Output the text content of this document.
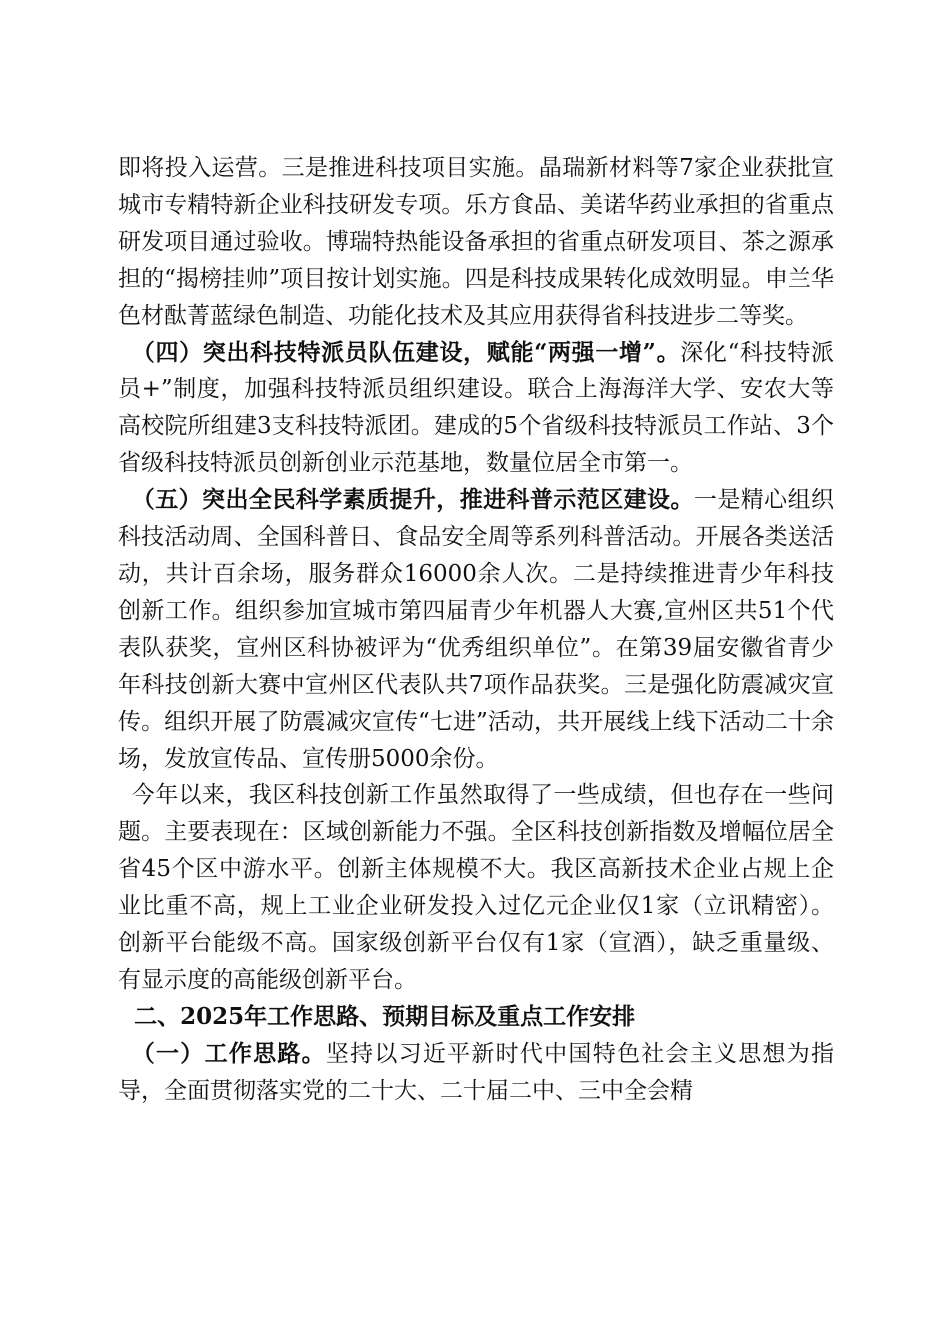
即将投入运营。三是推进科技项目实施。晶瑞新材料等7家企业获批宣城市专精特新企业科技研发专项。乐方食品、美诺华药业承担的省重点研发项目通过验收。博瑞特热能设备承担的省重点研发项目、茶之源承担的“揭榜挂帅”项目按计划实施。四是科技成果转化成效明显。申兰华色材酞菁蓝绿色制造、功能化技术及其应用获得省科技进步二等奖。

（四）突出科技特派员队伍建设，赋能“两强一增”。深化“科技特派员+”制度，加强科技特派员组织建设。联合上海海洋大学、安农大等高校院所组建3支科技特派团。建成的5个省级科技特派员工作站、3个省级科技特派员创新创业示范基地，数量位居全市第一。

（五）突出全民科学素质提升，推进科普示范区建设。一是精心组织科技活动周、全国科普日、食品安全周等系列科普活动。开展各类送活动，共计百余场，服务群众16000余人次。二是持续推进青少年科技创新工作。组织参加宣城市第四届青少年机器人大赛,宣州区共51个代表队获奖，宣州区科协被评为“优秀组织单位”。在第39届安徽省青少年科技创新大赛中宣州区代表队共7项作品获奖。三是强化防震减灾宣传。组织开展了防震减灾宣传“七进”活动，共开展线上线下活动二十余场，发放宣传品、宣传册5000余份。

今年以来，我区科技创新工作虽然取得了一些成绩，但也存在一些问题。主要表现在：区域创新能力不强。全区科技创新指数及增幅位居全省45个区中游水平。创新主体规模不大。我区高新技术企业占规上企业比重不高，规上工业企业研发投入过亿元企业仅1家（立讯精密）。创新平台能级不高。国家级创新平台仅有1家（宣酒），缺乏重量级、有显示度的高能级创新平台。

二、2025年工作思路、预期目标及重点工作安排

（一）工作思路。坚持以习近平新时代中国特色社会主义思想为指导，全面贯彻落实党的二十大、二十届二中、三中全会精
